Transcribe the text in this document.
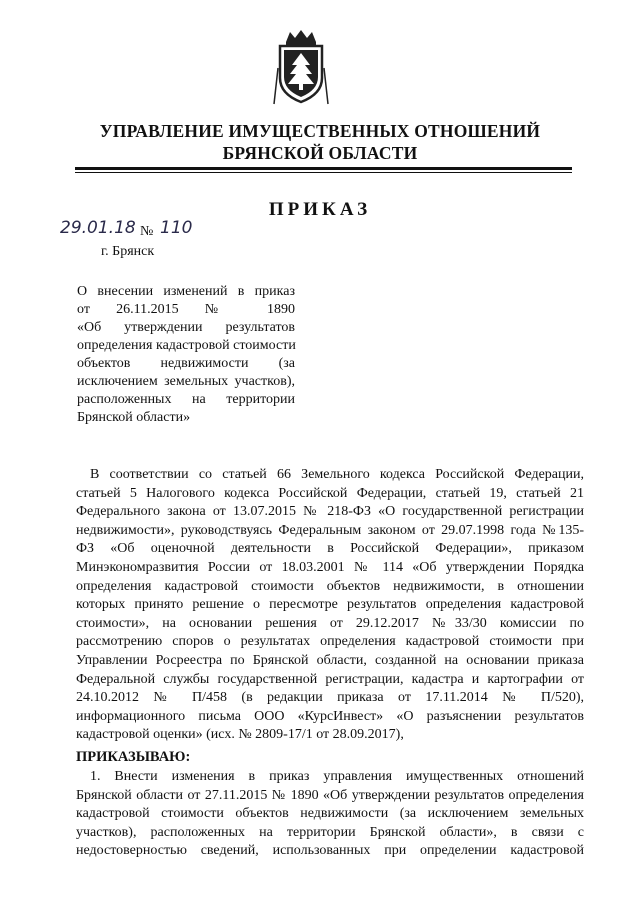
УПРАВЛЕНИЕ ИМУЩЕСТВЕННЫХ ОТНОШЕНИЙ
БРЯНСКОЙ ОБЛАСТИ
ПРИКАЗ
29.01.18 № 110
г. Брянск
О внесении изменений в приказ
от 26.11.2015 № 1890
«Об утверждении результатов
определения кадастровой стоимости
объектов недвижимости (за
исключением земельных участков),
расположенных на территории
Брянской области»
В соответствии со статьей 66 Земельного кодекса Российской Федерации,
статьей 5 Налогового кодекса Российской Федерации, статьей 19, статьей 21
Федерального закона от 13.07.2015 № 218-ФЗ «О государственной регистрации
недвижимости», руководствуясь Федеральным законом от 29.07.1998 года №135-
ФЗ «Об оценочной деятельности в Российской Федерации», приказом
Минэкономразвития России от 18.03.2001 № 114 «Об утверждении Порядка
определения кадастровой стоимости объектов недвижимости, в отношении
которых принято решение о пересмотре результатов определения кадастровой
стоимости», на основании решения от 29.12.2017 №33/30 комиссии по
рассмотрению споров о результатах определения кадастровой стоимости при
Управлении Росреестра по Брянской области, созданной на основании приказа
Федеральной службы государственной регистрации, кадастра и картографии от
24.10.2012 № П/458 (в редакции приказа от 17.11.2014 № П/520),
информационного письма ООО «КурсИнвест» «О разъяснении результатов
кадастровой оценки» (исх. № 2809-17/1 от 28.09.2017),
ПРИКАЗЫВАЮ:
1. Внести изменения в приказ управления имущественных отношений
Брянской области от 27.11.2015 № 1890 «Об утверждении результатов определения
кадастровой стоимости объектов недвижимости (за исключением земельных
участков), расположенных на территории Брянской области», в связи с
недостоверностью сведений, использованных при определении кадастровой
